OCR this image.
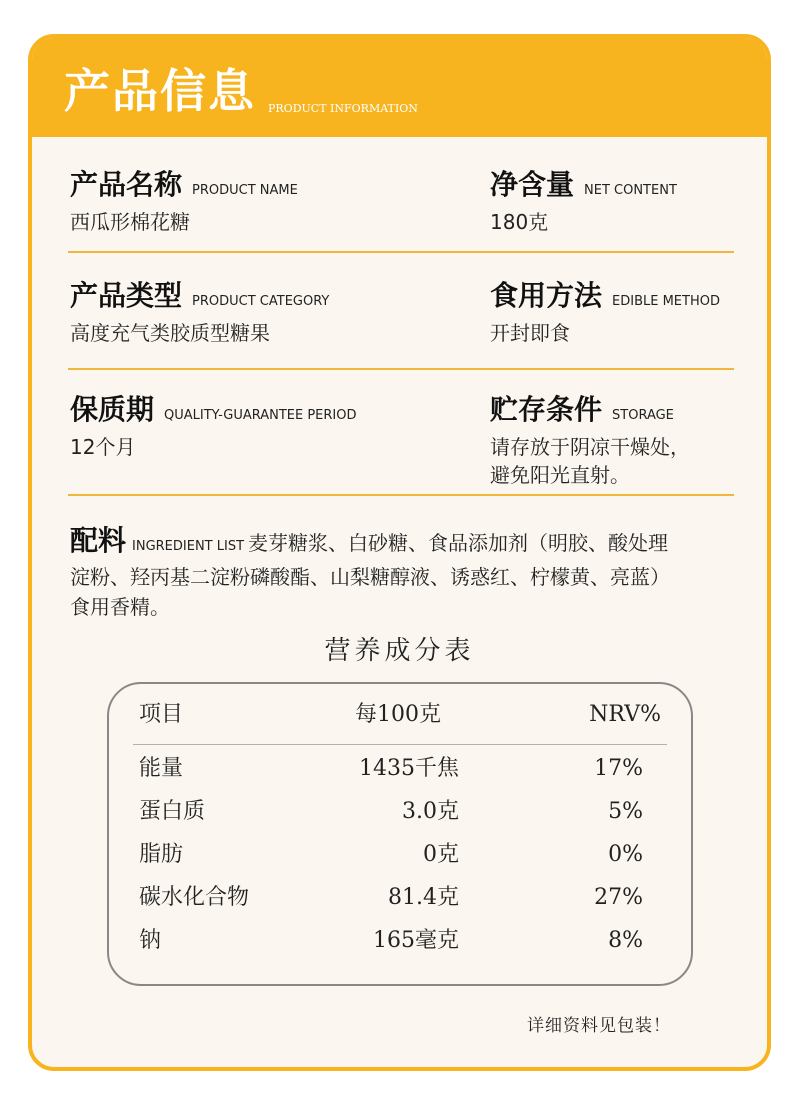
产品信息 PRODUCT INFORMATION
产品名称 PRODUCT NAME
西瓜形棉花糖
净含量 NET CONTENT
180克
产品类型 PRODUCT CATEGORY
高度充气类胶质型糖果
食用方法 EDIBLE METHOD
开封即食
保质期 QUALITY-GUARANTEE PERIOD
12个月
贮存条件 STORAGE
请存放于阴凉干燥处，
避免阳光直射。
配料 INGREDIENT LIST 麦芽糖浆、白砂糖、食品添加剂（明胶、酸处理
淀粉、羟丙基二淀粉磷酸酯、山梨糖醇液、诱惑红、柠檬黄、亮蓝）
食用香精。
营养成分表
项目	每100克	NRV%
能量	1435千焦	17%
蛋白质	3.0克	5%
脂肪	0克	0%
碳水化合物	81.4克	27%
钠	165毫克	8%
详细资料见包装！
